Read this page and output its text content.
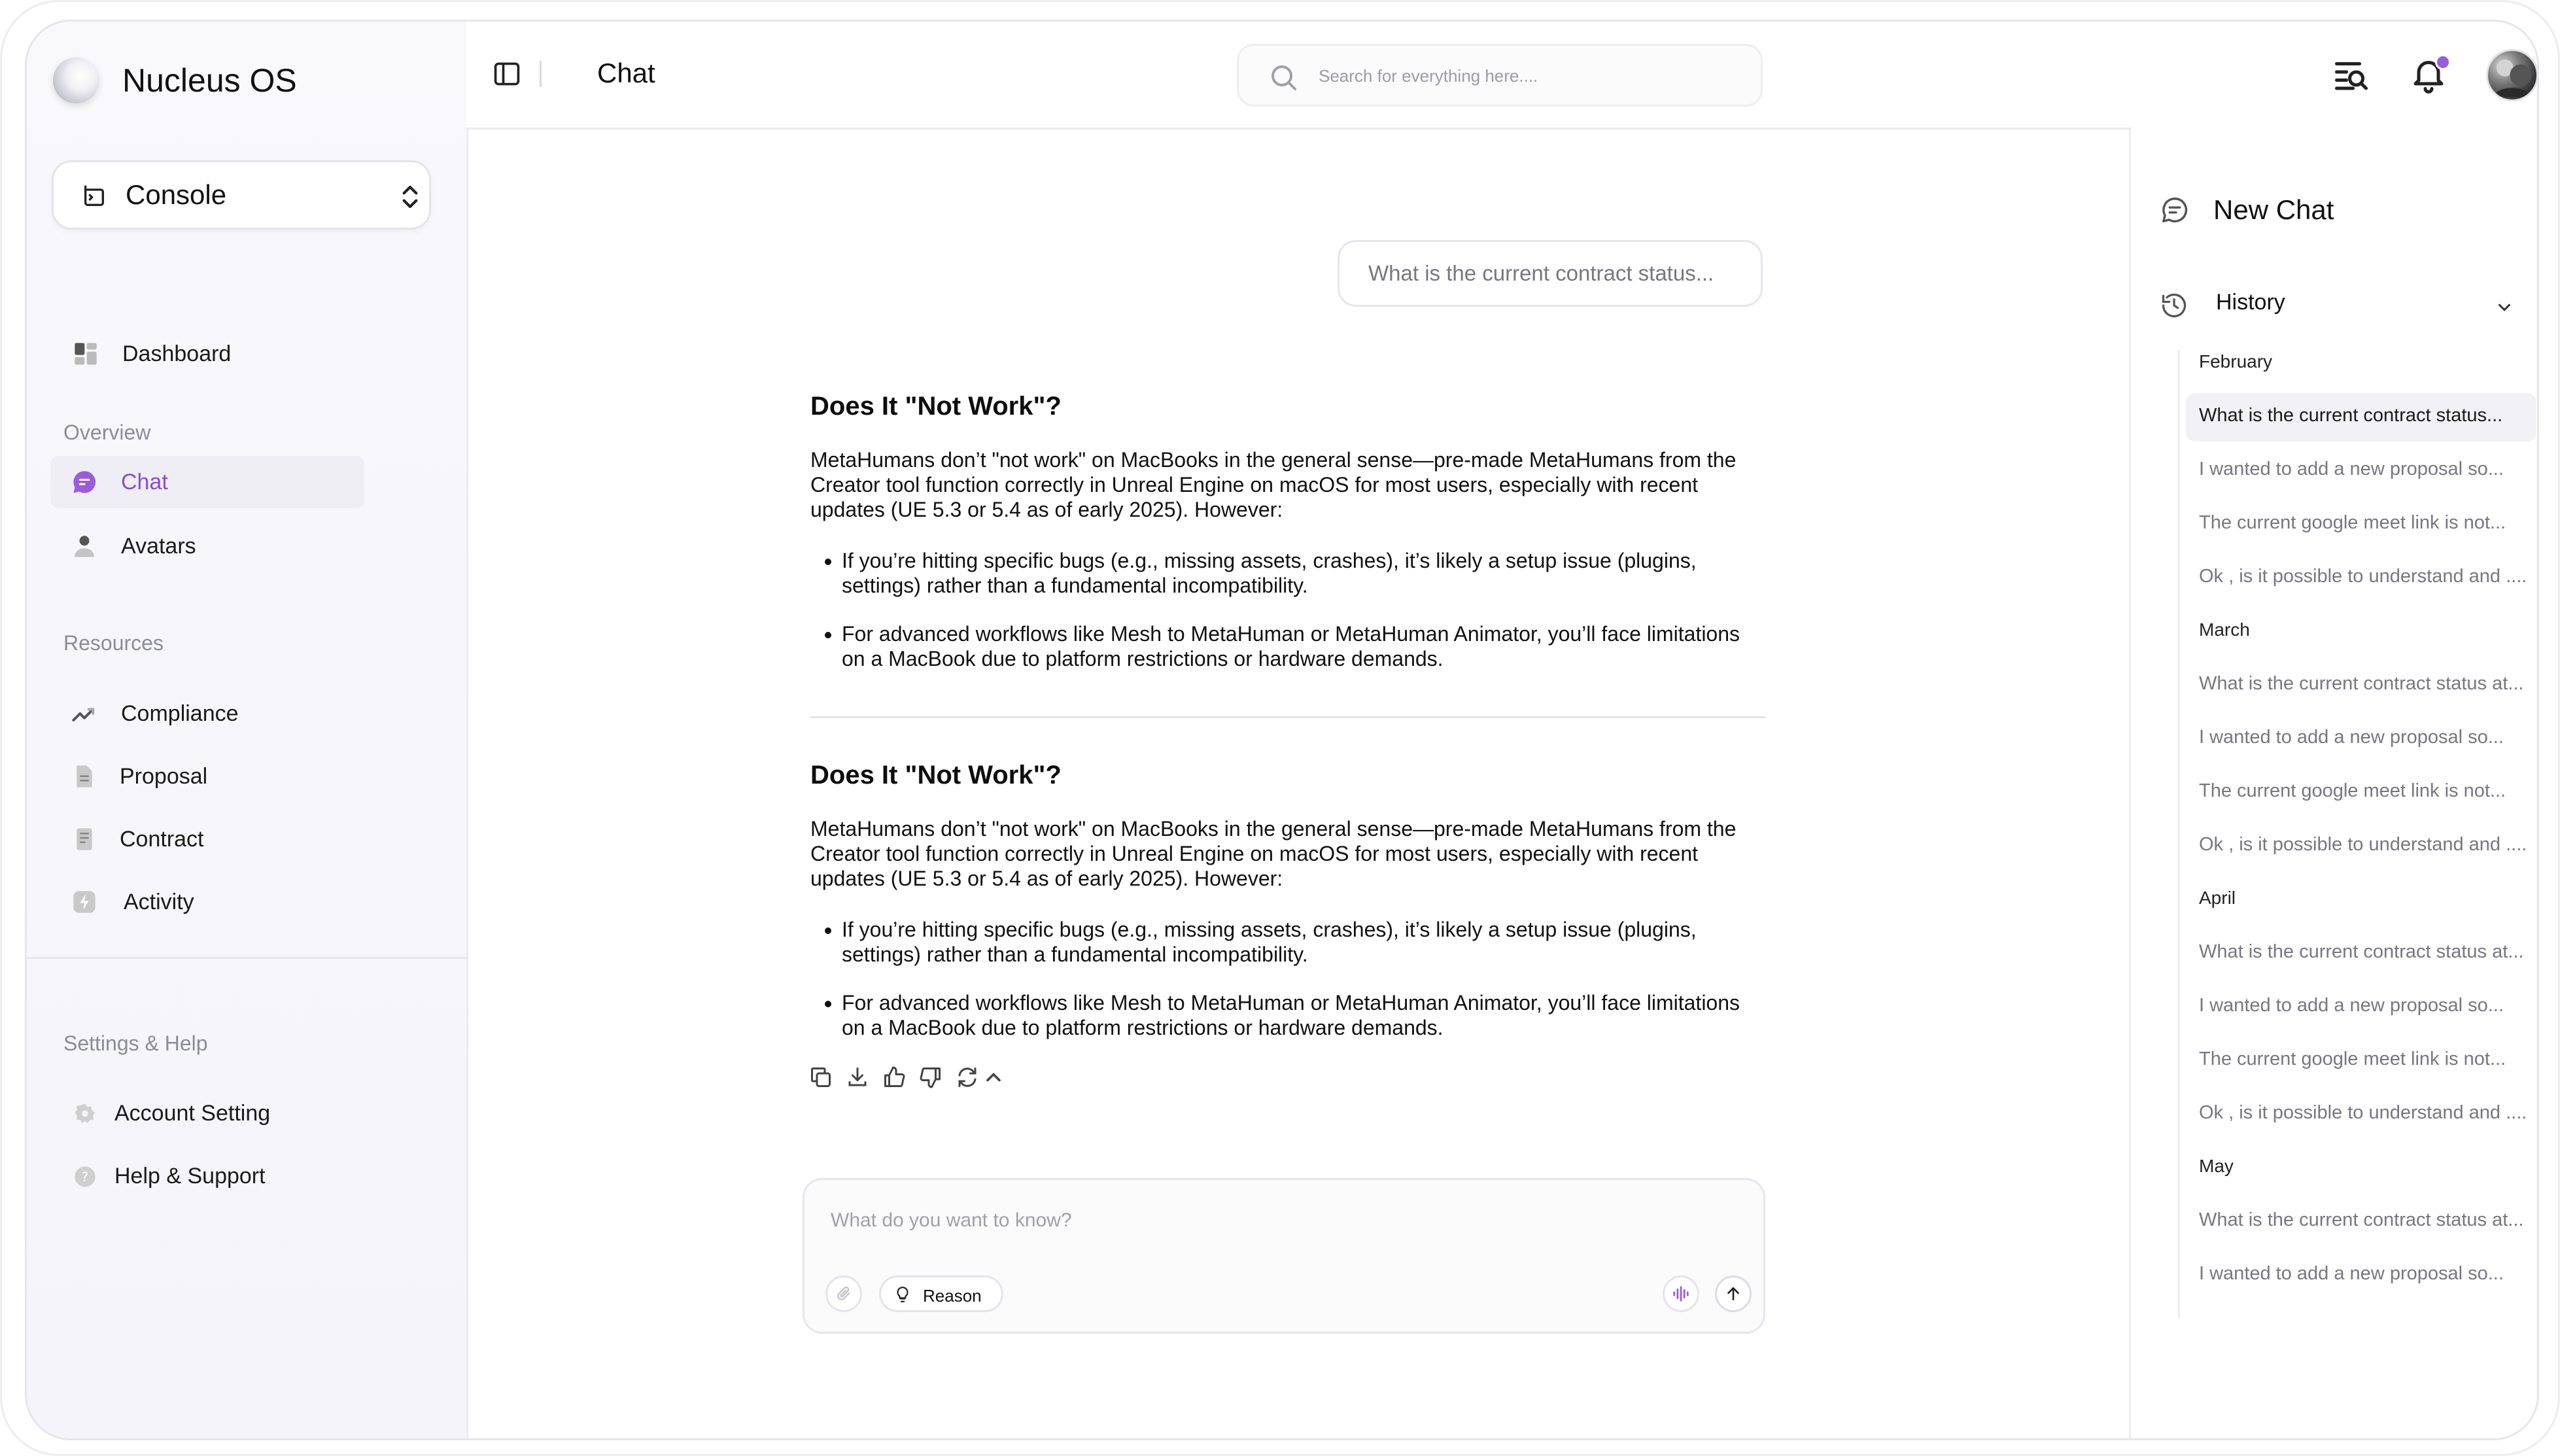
Nucleus OS
Console
Dashboard
Overview
Chat
Avatars
Resources
Compliance
Proposal
Contract
Activity
Settings & Help
Account Setting
? Help & Support
Chat
Search for everything here....
What is the current contract status...
Does It "Not Work"?

MetaHumans don’t "not work" on MacBooks in the general sense—pre-made MetaHumans from the Creator tool function correctly in Unreal Engine on macOS for most users, especially with recent updates (UE 5.3 or 5.4 as of early 2025). However:

• If you’re hitting specific bugs (e.g., missing assets, crashes), it’s likely a setup issue (plugins, settings) rather than a fundamental incompatibility.
• For advanced workflows like Mesh to MetaHuman or MetaHuman Animator, you’ll face limitations on a MacBook due to platform restrictions or hardware demands.
Does It "Not Work"?

MetaHumans don’t "not work" on MacBooks in the general sense—pre-made MetaHumans from the Creator tool function correctly in Unreal Engine on macOS for most users, especially with recent updates (UE 5.3 or 5.4 as of early 2025). However:

• If you’re hitting specific bugs (e.g., missing assets, crashes), it’s likely a setup issue (plugins, settings) rather than a fundamental incompatibility.
• For advanced workflows like Mesh to MetaHuman or MetaHuman Animator, you’ll face limitations on a MacBook due to platform restrictions or hardware demands.
What do you want to know?
Reason
New Chat
History
February
What is the current contract status...
I wanted to add a new proposal so...
The current google meet link is not...
Ok , is it possible to understand and ....
March
What is the current contract status at...
I wanted to add a new proposal so...
The current google meet link is not...
Ok , is it possible to understand and ....
April
What is the current contract status at...
I wanted to add a new proposal so...
The current google meet link is not...
Ok , is it possible to understand and ....
May
What is the current contract status at...
I wanted to add a new proposal so...
